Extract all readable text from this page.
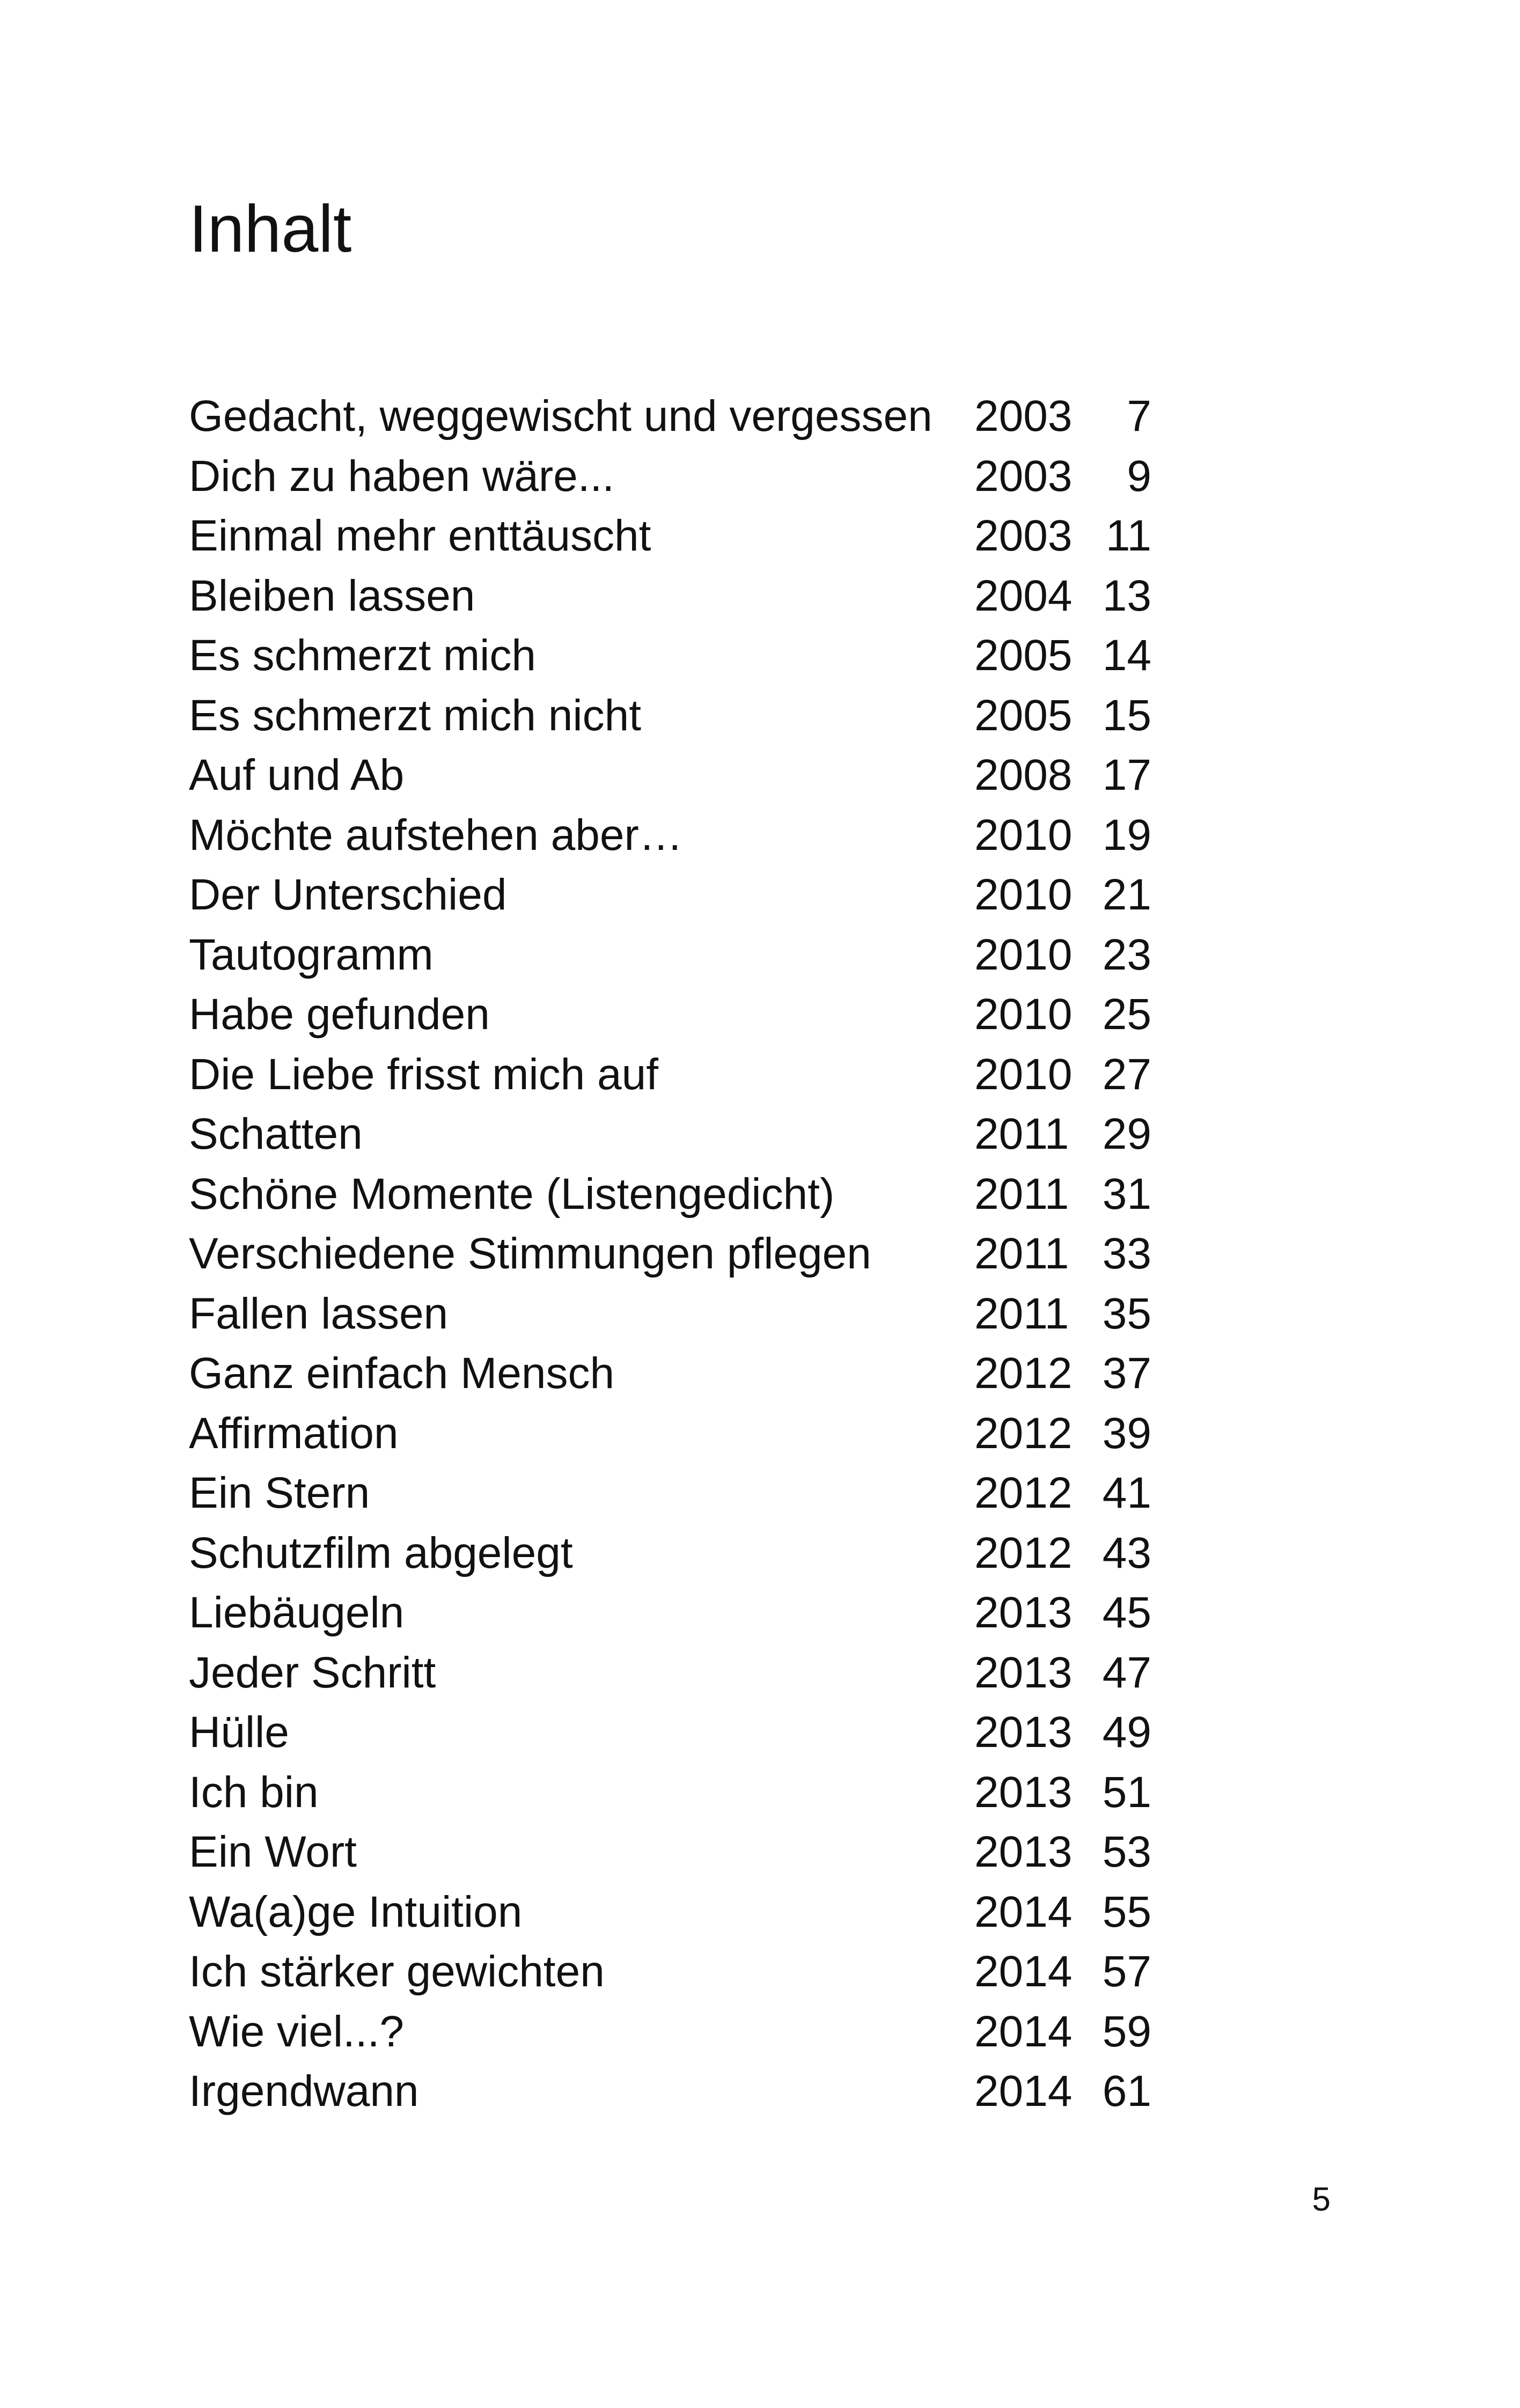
Inhalt
Gedacht, weggewischt und vergessen 2003	7
Dich zu haben wäre...	2003	9
Einmal mehr enttäuscht	2003 11
Bleiben lassen	2004 13
Es schmerzt mich	2005 14
Es schmerzt mich nicht	2005 15
Auf und Ab	2008 17
Möchte aufstehen aber…	2010 19
Der Unterschied	2010 21
Tautogramm	2010 23
Habe gefunden	2010 25
Die Liebe frisst mich auf	2010 27
Schatten	2011 29
Schöne Momente (Listengedicht)	2011 31
Verschiedene Stimmungen pflegen	2011 33
Fallen lassen	2011 35
Ganz einfach Mensch	2012 37
Affirmation	2012 39
Ein Stern	2012 41
Schutzfilm abgelegt	2012 43
Liebäugeln	2013 45
Jeder Schritt	2013 47
Hülle	2013 49
Ich bin	2013 51
Ein Wort	2013 53
Wa(a)ge Intuition	2014 55
Ich stärker gewichten	2014 57
Wie viel...?	2014 59
Irgendwann	2014 61
5
